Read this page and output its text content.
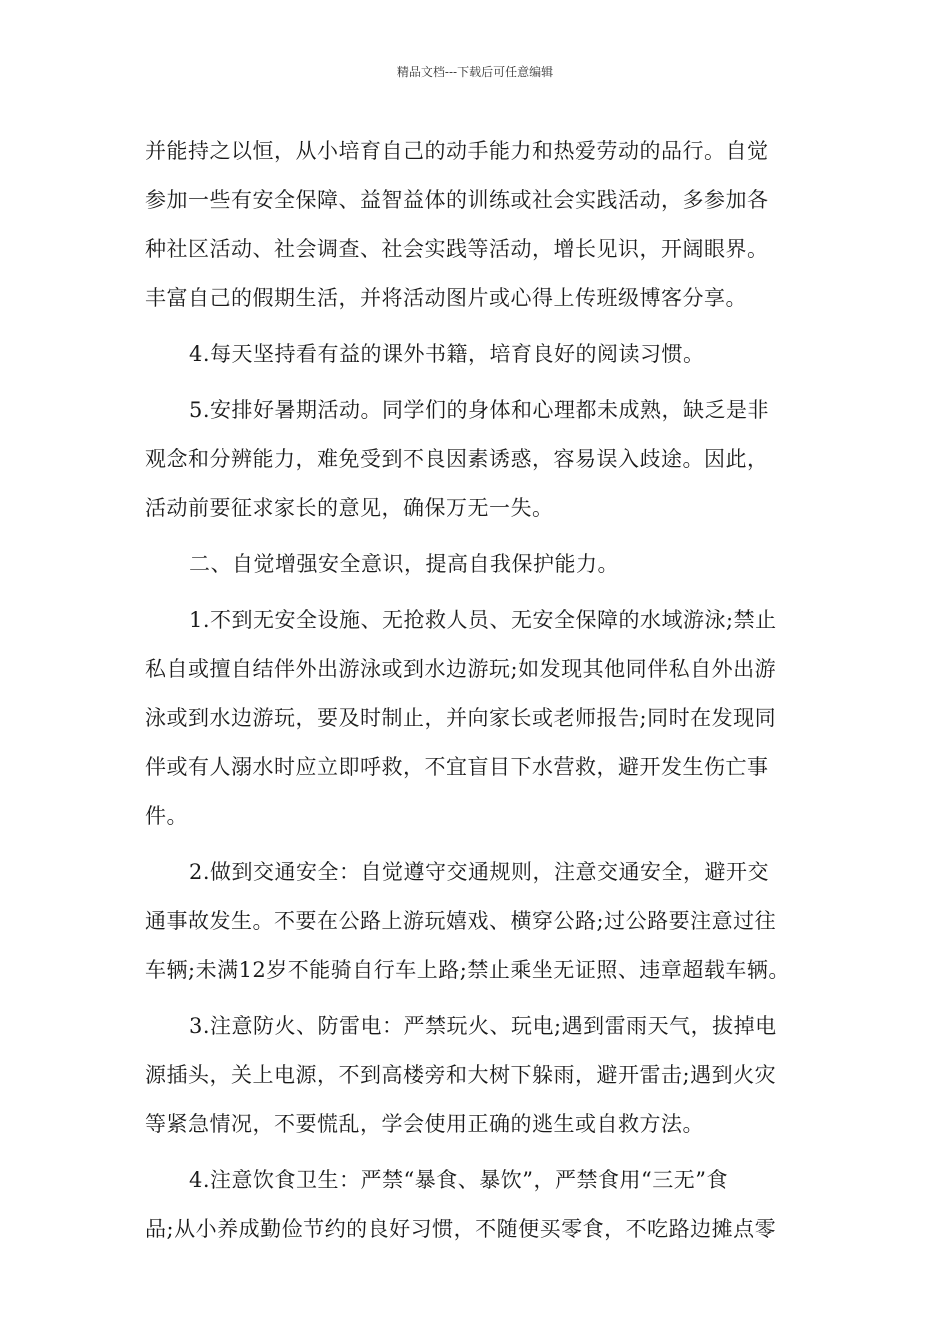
精品文档---下载后可任意编辑

并能持之以恒，从小培育自己的动手能力和热爱劳动的品行。自觉
参加一些有安全保障、益智益体的训练或社会实践活动，多参加各
种社区活动、社会调查、社会实践等活动，增长见识，开阔眼界。
丰富自己的假期生活，并将活动图片或心得上传班级博客分享。

4.每天坚持看有益的课外书籍，培育良好的阅读习惯。

5.安排好暑期活动。同学们的身体和心理都未成熟，缺乏是非
观念和分辨能力，难免受到不良因素诱惑，容易误入歧途。因此，
活动前要征求家长的意见，确保万无一失。

二、自觉增强安全意识，提高自我保护能力。

1.不到无安全设施、无抢救人员、无安全保障的水域游泳;禁止
私自或擅自结伴外出游泳或到水边游玩;如发现其他同伴私自外出游
泳或到水边游玩，要及时制止，并向家长或老师报告;同时在发现同
伴或有人溺水时应立即呼救，不宜盲目下水营救，避开发生伤亡事
件。

2.做到交通安全：自觉遵守交通规则，注意交通安全，避开交
通事故发生。不要在公路上游玩嬉戏、横穿公路;过公路要注意过往
车辆;未满12岁不能骑自行车上路;禁止乘坐无证照、违章超载车辆。

3.注意防火、防雷电：严禁玩火、玩电;遇到雷雨天气，拔掉电
源插头，关上电源，不到高楼旁和大树下躲雨，避开雷击;遇到火灾
等紧急情况，不要慌乱，学会使用正确的逃生或自救方法。

4.注意饮食卫生：严禁“暴食、暴饮”，严禁食用“三无”食
品;从小养成勤俭节约的良好习惯，不随便买零食，不吃路边摊点零
